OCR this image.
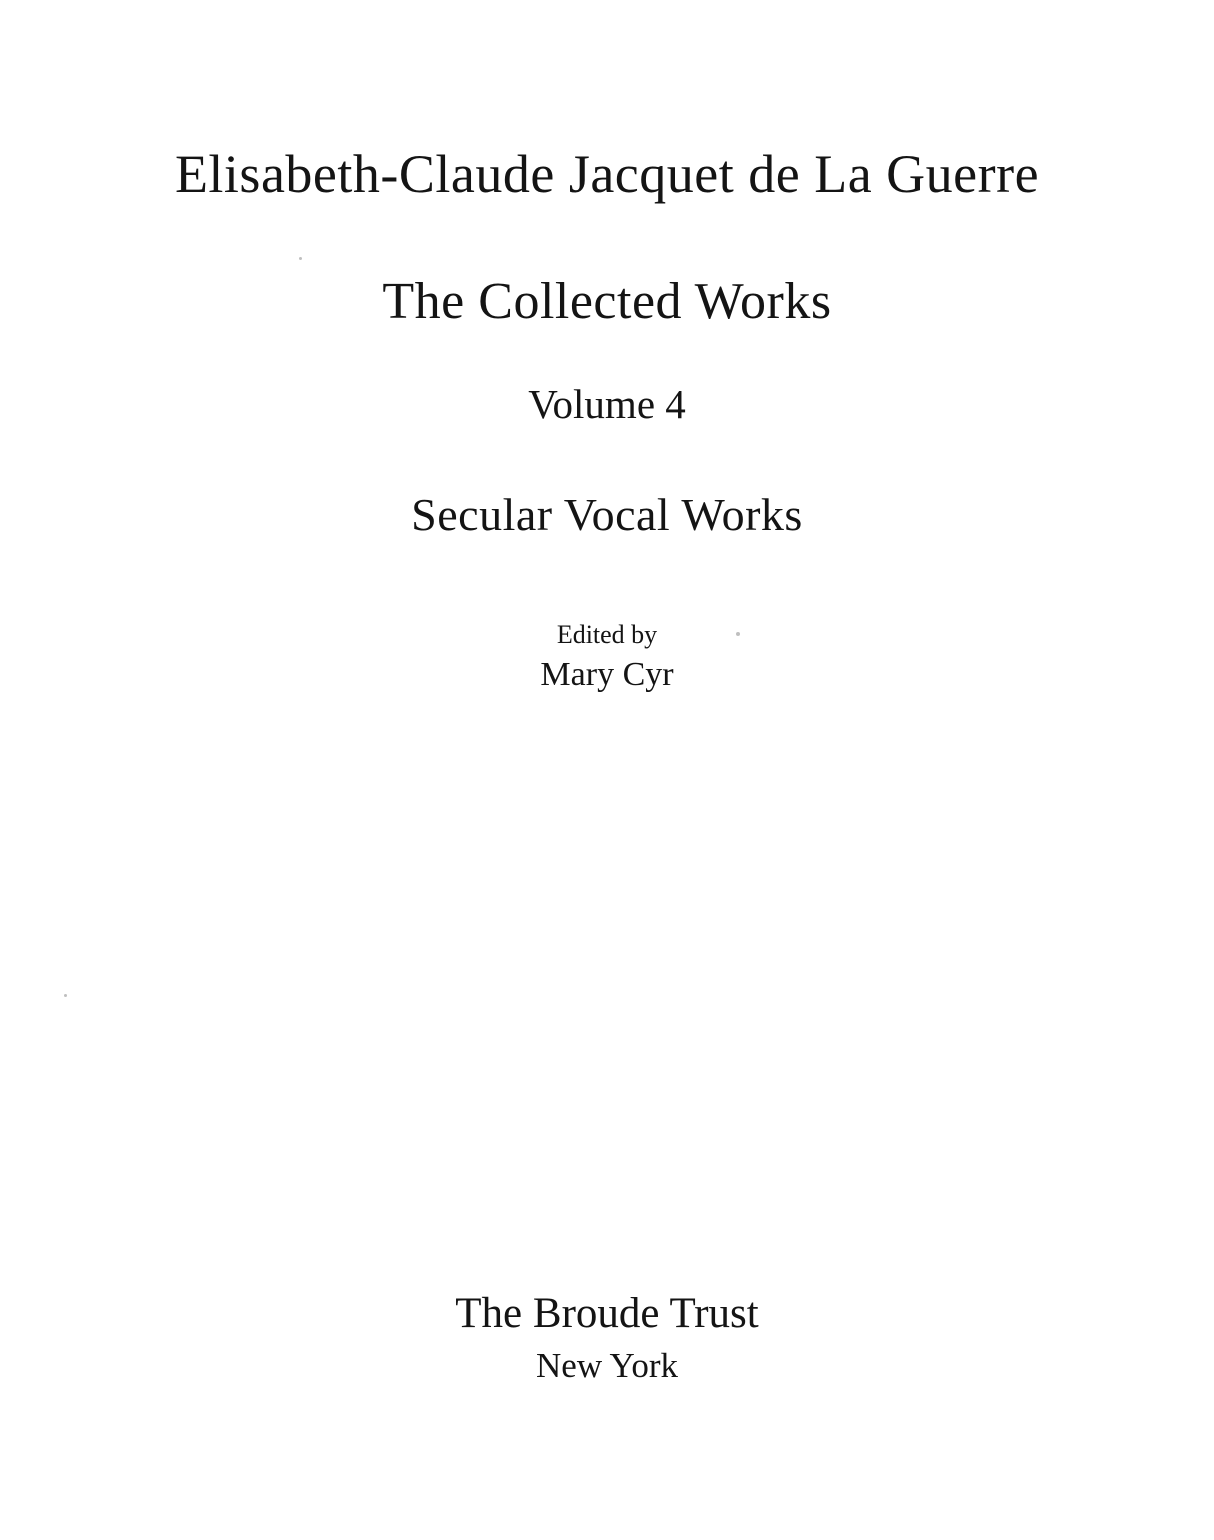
Elisabeth-Claude Jacquet de La Guerre
The Collected Works
Volume 4
Secular Vocal Works
Edited by
Mary Cyr
The Broude Trust
New York
